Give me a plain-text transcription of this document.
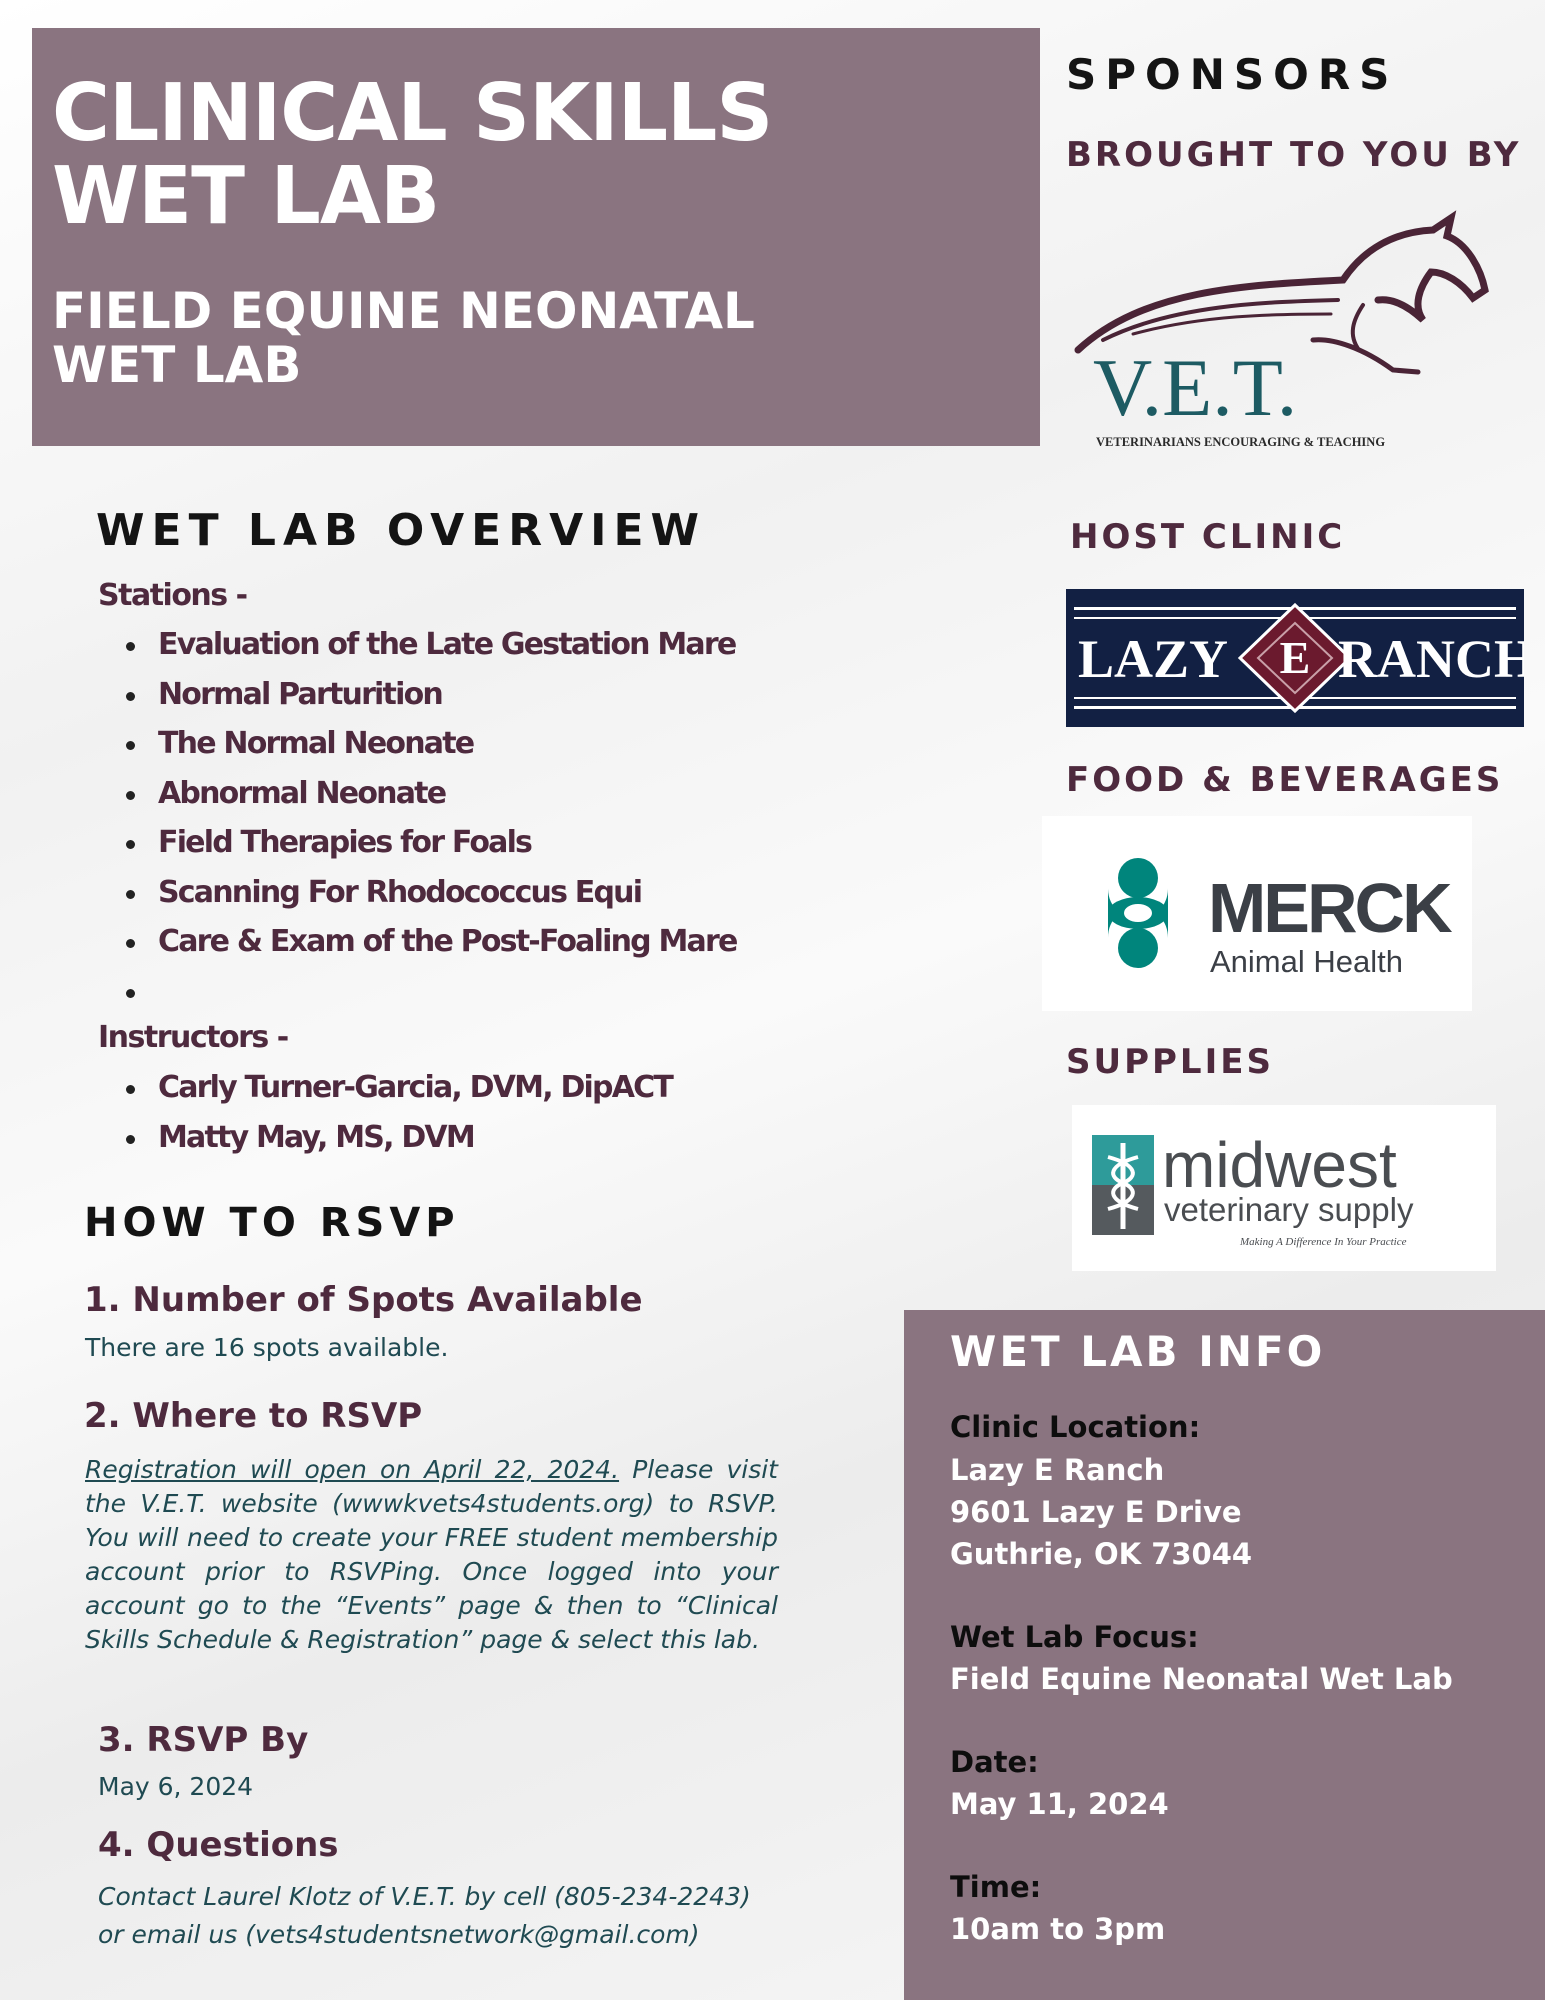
CLINICAL SKILLS
WET LAB
FIELD EQUINE NEONATAL
WET LAB
WET LAB OVERVIEW
Stations -
Evaluation of the Late Gestation Mare
Normal Parturition
The Normal Neonate
Abnormal Neonate
Field Therapies for Foals
Scanning For Rhodococcus Equi
Care & Exam of the Post-Foaling Mare
Instructors -
Carly Turner-Garcia, DVM, DipACT
Matty May, MS, DVM
HOW TO RSVP
1. Number of Spots Available

There are 16 spots available.

2. Where to RSVP

Registration will open on April 22, 2024. Please visit the V.E.T. website (wwwkvets4students.org) to RSVP. You will need to create your FREE student membership account prior to RSVPing. Once logged into your account go to the “Events” page & then to “Clinical Skills Schedule & Registration” page & select this lab.

3. RSVP By

May 6, 2024

4. Questions

Contact Laurel Klotz of V.E.T. by cell (805-234-2243)
or email us (vets4studentsnetwork@gmail.com)

SPONSORS
BROUGHT TO YOU BY
V.E.T.
VETERINARIANS ENCOURAGING & TEACHING
HOST CLINIC
E
LAZY RANCH
FOOD & BEVERAGES
MERCK
Animal Health
SUPPLIES
midwest
veterinary supply
Making A Difference In Your Practice
WET LAB INFO

Clinic Location:

Lazy E Ranch

9601 Lazy E Drive

Guthrie, OK 73044

Wet Lab Focus:

Field Equine Neonatal Wet Lab

Date:

May 11, 2024

Time:

10am to 3pm
